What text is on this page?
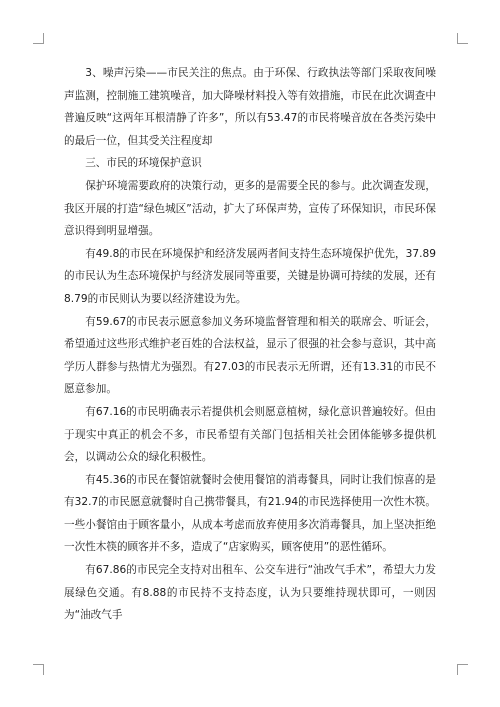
3、噪声污染——市民关注的焦点。由于环保、行政执法等部门采取夜间噪声监测，控制施工建筑噪音，加大降噪材料投入等有效措施，市民在此次调查中普遍反映“这两年耳根清静了许多”，所以有53.47的市民将噪音放在各类污染中的最后一位，但其受关注程度却

三、市民的环境保护意识

保护环境需要政府的决策行动，更多的是需要全民的参与。此次调查发现，我区开展的打造“绿色城区”活动，扩大了环保声势，宣传了环保知识，市民环保意识得到明显增强。

有49.8的市民在环境保护和经济发展两者间支持生态环境保护优先，37.89的市民认为生态环境保护与经济发展同等重要，关键是协调可持续的发展，还有8.79的市民则认为要以经济建设为先。

有59.67的市民表示愿意参加义务环境监督管理和相关的联席会、听证会，希望通过这些形式维护老百姓的合法权益，显示了很强的社会参与意识，其中高学历人群参与热情尤为强烈。有27.03的市民表示无所谓，还有13.31的市民不愿意参加。

有67.16的市民明确表示若提供机会则愿意植树，绿化意识普遍较好。但由于现实中真正的机会不多，市民希望有关部门包括相关社会团体能够多提供机会，以调动公众的绿化积极性。

有45.36的市民在餐馆就餐时会使用餐馆的消毒餐具，同时让我们惊喜的是有32.7的市民愿意就餐时自己携带餐具，有21.94的市民选择使用一次性木筷。一些小餐馆由于顾客量小，从成本考虑而放弃使用多次消毒餐具，加上坚决拒绝一次性木筷的顾客并不多，造成了“店家购买，顾客使用”的恶性循环。

有67.86的市民完全支持对出租车、公交车进行“油改气手术”，希望大力发展绿色交通。有8.88的市民持不支持态度，认为只要维持现状即可，一则因为“油改气手
